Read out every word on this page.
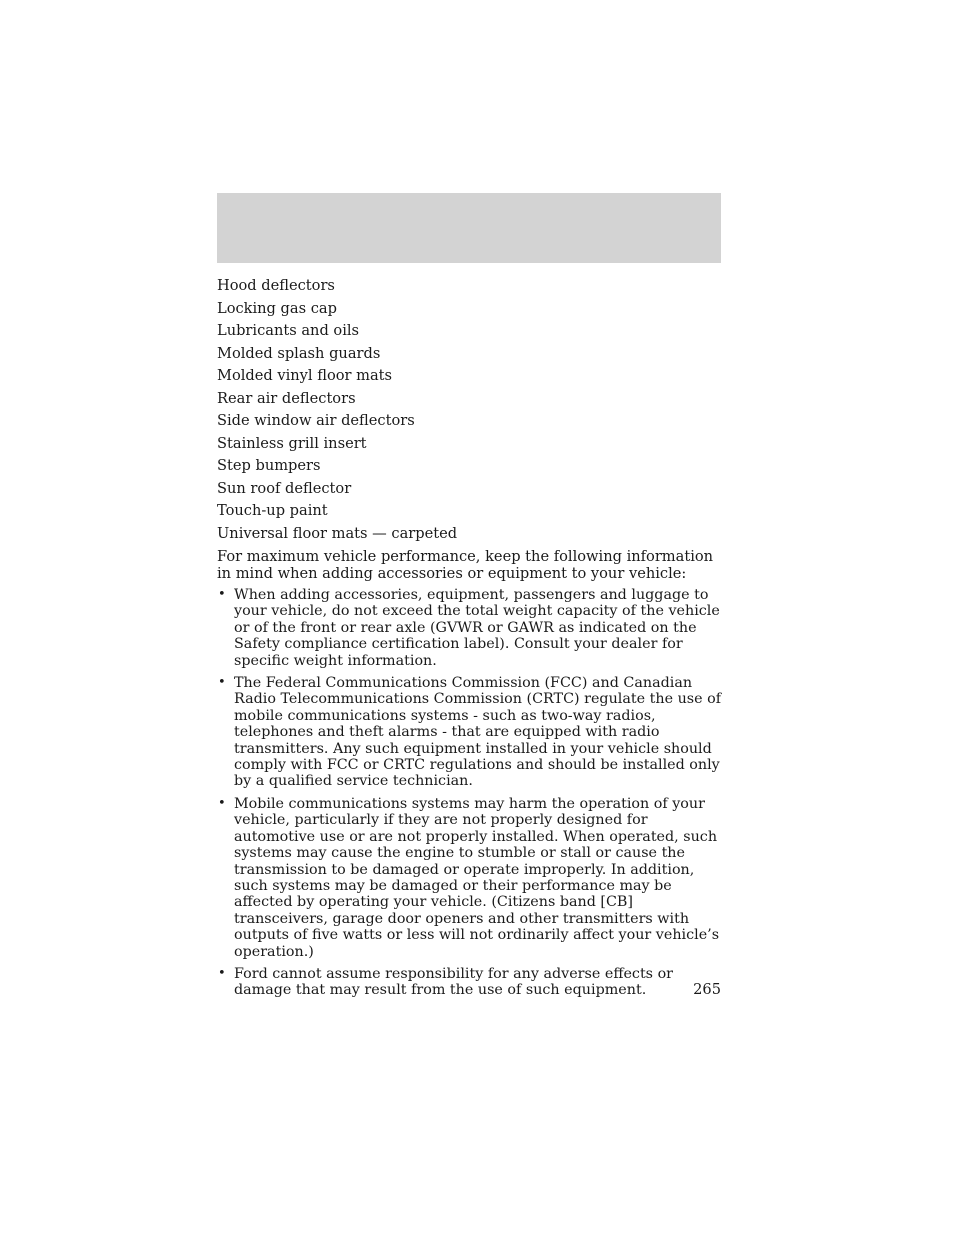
Hood deflectors
Locking gas cap
Lubricants and oils
Molded splash guards
Molded vinyl floor mats
Rear air deflectors
Side window air deflectors
Stainless grill insert
Step bumpers
Sun roof deflector
Touch-up paint
Universal floor mats — carpeted

For maximum vehicle performance, keep the following information in mind when adding accessories or equipment to your vehicle:

• When adding accessories, equipment, passengers and luggage to your vehicle, do not exceed the total weight capacity of the vehicle or of the front or rear axle (GVWR or GAWR as indicated on the Safety compliance certification label). Consult your dealer for specific weight information.
• The Federal Communications Commission (FCC) and Canadian Radio Telecommunications Commission (CRTC) regulate the use of mobile communications systems - such as two-way radios, telephones and theft alarms - that are equipped with radio transmitters. Any such equipment installed in your vehicle should comply with FCC or CRTC regulations and should be installed only by a qualified service technician.
• Mobile communications systems may harm the operation of your vehicle, particularly if they are not properly designed for automotive use or are not properly installed. When operated, such systems may cause the engine to stumble or stall or cause the transmission to be damaged or operate improperly. In addition, such systems may be damaged or their performance may be affected by operating your vehicle. (Citizens band [CB] transceivers, garage door openers and other transmitters with outputs of five watts or less will not ordinarily affect your vehicle’s operation.)
• Ford cannot assume responsibility for any adverse effects or damage that may result from the use of such equipment.	265
